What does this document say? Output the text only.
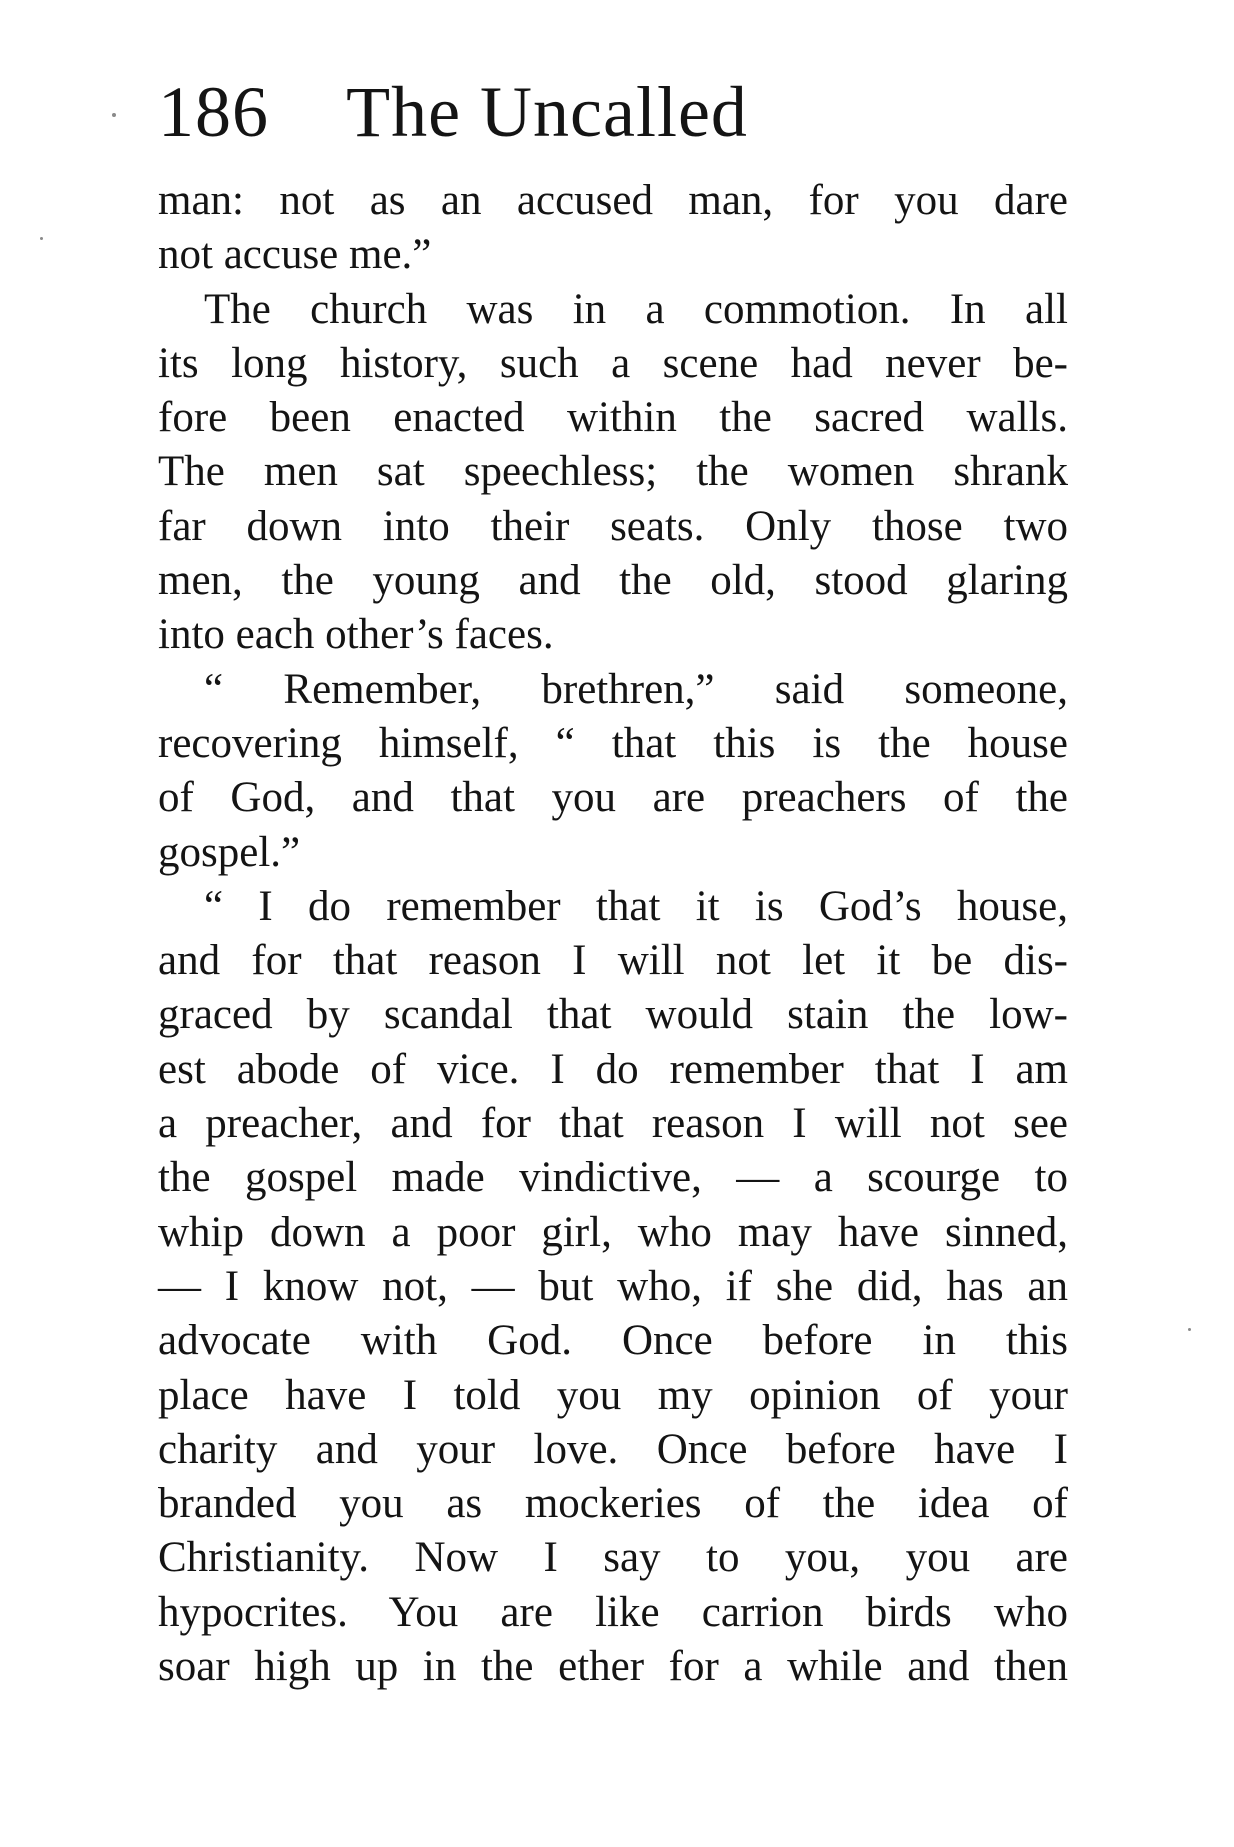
186 The Uncalled
man: not as an accused man, for you dare
not accuse me.”
The church was in a commotion. In all
its long history, such a scene had never be-
fore been enacted within the sacred walls.
The men sat speechless; the women shrank
far down into their seats. Only those two
men, the young and the old, stood glaring
into each other’s faces.
“ Remember, brethren,” said someone,
recovering himself, “ that this is the house
of God, and that you are preachers of the
gospel.”
“ I do remember that it is God’s house,
and for that reason I will not let it be dis-
graced by scandal that would stain the low-
est abode of vice. I do remember that I am
a preacher, and for that reason I will not see
the gospel made vindictive, — a scourge to
whip down a poor girl, who may have sinned,
— I know not, — but who, if she did, has an
advocate with God. Once before in this
place have I told you my opinion of your
charity and your love. Once before have I
branded you as mockeries of the idea of
Christianity. Now I say to you, you are
hypocrites. You are like carrion birds who
soar high up in the ether for a while and then
